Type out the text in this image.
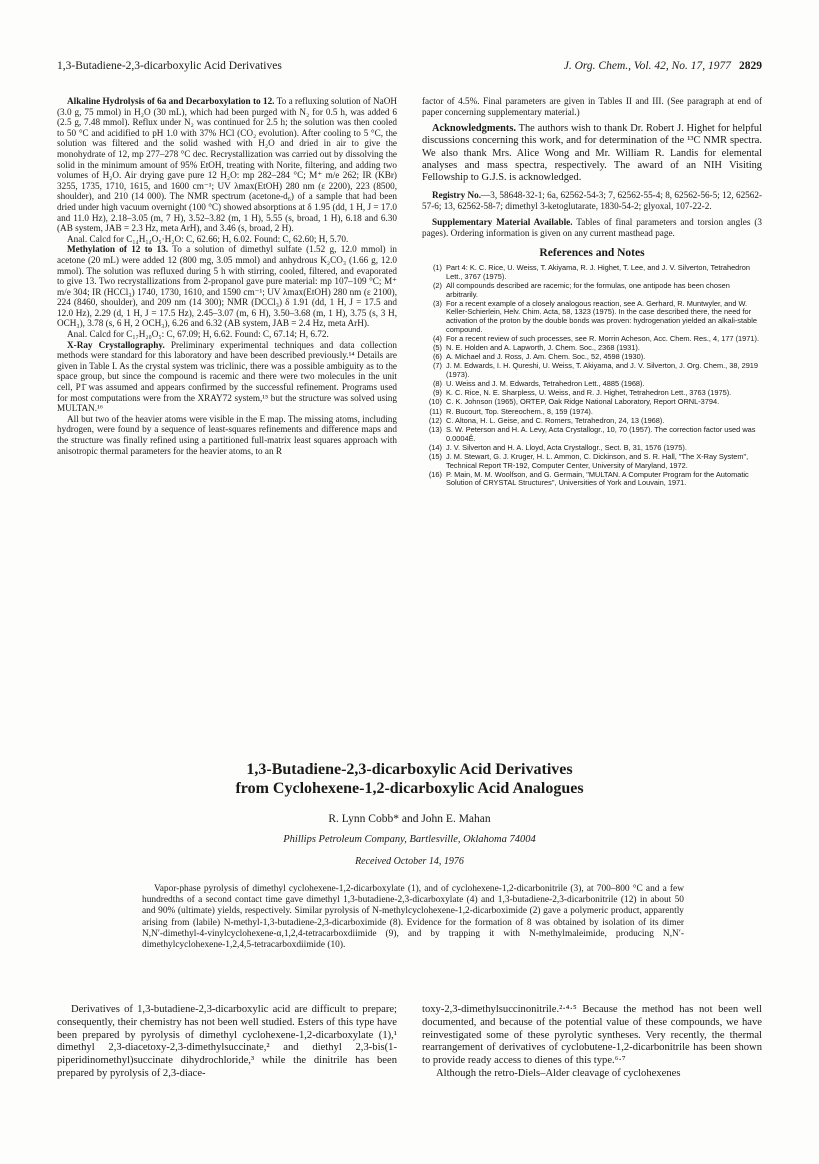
1,3-Butadiene-2,3-dicarboxylic Acid Derivatives	J. Org. Chem., Vol. 42, No. 17, 1977 2829

Alkaline Hydrolysis of 6a and Decarboxylation to 12. To a refluxing solution of NaOH (3.0 g, 75 mmol) in H₂O (30 mL), which had been purged with N₂ for 0.5 h, was added 6 (2.5 g, 7.48 mmol). Reflux under N₂ was continued for 2.5 h; the solution was then cooled to 50 °C and acidified to pH 1.0 with 37% HCl (CO₂ evolution). After cooling to 5 °C, the solution was filtered and the solid washed with H₂O and dried in air to give the monohydrate of 12, mp 277–278 °C dec. Recrystallization was carried out by dissolving the solid in the minimum amount of 95% EtOH, treating with Norite, filtering, and adding two volumes of H₂O. Air drying gave pure 12 H₂O: mp 282–284 °C; M⁺ m/e 262; IR (KBr) 3255, 1735, 1710, 1615, and 1600 cm⁻¹; UV λmax(EtOH) 280 nm (ε 2200), 223 (8500, shoulder), and 210 (14 000). The NMR spectrum (acetone-d₆) of a sample that had been dried under high vacuum overnight (100 °C) showed absorptions at δ 1.95 (dd, 1 H, J = 17.0 and 11.0 Hz), 2.18–3.05 (m, 7 H), 3.52–3.82 (m, 1 H), 5.55 (s, broad, 1 H), 6.18 and 6.30 (AB system, JAB = 2.3 Hz, meta ArH), and 3.46 (s, broad, 2 H).

Anal. Calcd for C₁₄H₁₄O₅·H₂O: C, 62.66; H, 6.02. Found: C, 62.60; H, 5.70.

Methylation of 12 to 13. To a solution of dimethyl sulfate (1.52 g, 12.0 mmol) in acetone (20 mL) were added 12 (800 mg, 3.05 mmol) and anhydrous K₂CO₃ (1.66 g, 12.0 mmol). The solution was refluxed during 5 h with stirring, cooled, filtered, and evaporated to give 13. Two recrystallizations from 2-propanol gave pure material: mp 107–109 °C; M⁺ m/e 304; IR (HCCl₃) 1740, 1730, 1610, and 1590 cm⁻¹; UV λmax(EtOH) 280 nm (ε 2100), 224 (8460, shoulder), and 209 nm (14 300); NMR (DCCl₃) δ 1.91 (dd, 1 H, J = 17.5 and 12.0 Hz), 2.29 (d, 1 H, J = 17.5 Hz), 2.45–3.07 (m, 6 H), 3.50–3.68 (m, 1 H), 3.75 (s, 3 H, OCH₃), 3.78 (s, 6 H, 2 OCH₃), 6.26 and 6.32 (AB system, JAB = 2.4 Hz, meta ArH).

Anal. Calcd for C₁₇H₂₀O₅: C, 67.09; H, 6.62. Found: C, 67.14; H, 6.72.

X-Ray Crystallography. Preliminary experimental techniques and data collection methods were standard for this laboratory and have been described previously.¹⁴ Details are given in Table I. As the crystal system was triclinic, there was a possible ambiguity as to the space group, but since the compound is racemic and there were two molecules in the unit cell, P1̄ was assumed and appears confirmed by the successful refinement. Programs used for most computations were from the XRAY72 system,¹⁵ but the structure was solved using MULTAN.¹⁶

All but two of the heavier atoms were visible in the E map. The missing atoms, including hydrogen, were found by a sequence of least-squares refinements and difference maps and the structure was finally refined using a partitioned full-matrix least squares approach with anisotropic thermal parameters for the heavier atoms, to an R

factor of 4.5%. Final parameters are given in Tables II and III. (See paragraph at end of paper concerning supplementary material.)

Acknowledgments. The authors wish to thank Dr. Robert J. Highet for helpful discussions concerning this work, and for determination of the ¹³C NMR spectra. We also thank Mrs. Alice Wong and Mr. William R. Landis for elemental analyses and mass spectra, respectively. The award of an NIH Visiting Fellowship to G.J.S. is acknowledged.

Registry No.—3, 58648-32-1; 6a, 62562-54-3; 7, 62562-55-4; 8, 62562-56-5; 12, 62562-57-6; 13, 62562-58-7; dimethyl 3-ketoglutarate, 1830-54-2; glyoxal, 107-22-2.

Supplementary Material Available. Tables of final parameters and torsion angles (3 pages). Ordering information is given on any current masthead page.

References and Notes
(1) Part 4: K. C. Rice, U. Weiss, T. Akiyama, R. J. Highet, T. Lee, and J. V. Silverton, Tetrahedron Lett., 3767 (1975).
(2) All compounds described are racemic; for the formulas, one antipode has been chosen arbitrarily.
(3) For a recent example of a closely analogous reaction, see A. Gerhard, R. Muntwyler, and W. Keller-Schierlein, Helv. Chim. Acta, 58, 1323 (1975). In the case described there, the need for activation of the proton by the double bonds was proven: hydrogenation yielded an alkali-stable compound.
(4) For a recent review of such processes, see R. Morrin Acheson, Acc. Chem. Res., 4, 177 (1971).
(5) N. E. Holden and A. Lapworth, J. Chem. Soc., 2368 (1931).
(6) A. Michael and J. Ross, J. Am. Chem. Soc., 52, 4598 (1930).
(7) J. M. Edwards, I. H. Qureshi, U. Weiss, T. Akiyama, and J. V. Silverton, J. Org. Chem., 38, 2919 (1973).
(8) U. Weiss and J. M. Edwards, Tetrahedron Lett., 4885 (1968).
(9) K. C. Rice, N. E. Sharpless, U. Weiss, and R. J. Highet, Tetrahedron Lett., 3763 (1975).
(10) C. K. Johnson (1965), ORTEP, Oak Ridge National Laboratory, Report ORNL-3794.
(11) R. Bucourt, Top. Stereochem., 8, 159 (1974).
(12) C. Altona, H. L. Geise, and C. Romers, Tetrahedron, 24, 13 (1968).
(13) S. W. Peterson and H. A. Levy, Acta Crystallogr., 10, 70 (1957). The correction factor used was 0.0004Ê.
(14) J. V. Silverton and H. A. Lloyd, Acta Crystallogr., Sect. B, 31, 1576 (1975).
(15) J. M. Stewart, G. J. Kruger, H. L. Ammon, C. Dickinson, and S. R. Hall, "The X-Ray System", Technical Report TR-192, Computer Center, University of Maryland, 1972.
(16) P. Main, M. M. Woolfson, and G. Germain, "MULTAN. A Computer Program for the Automatic Solution of CRYSTAL Structures", Universities of York and Louvain, 1971.
1,3-Butadiene-2,3-dicarboxylic Acid Derivatives
from Cyclohexene-1,2-dicarboxylic Acid Analogues
R. Lynn Cobb* and John E. Mahan
Phillips Petroleum Company, Bartlesville, Oklahoma 74004
Received October 14, 1976

Vapor-phase pyrolysis of dimethyl cyclohexene-1,2-dicarboxylate (1), and of cyclohexene-1,2-dicarbonitrile (3), at 700–800 °C and a few hundredths of a second contact time gave dimethyl 1,3-butadiene-2,3-dicarboxylate (4) and 1,3-butadiene-2,3-dicarbonitrile (12) in about 50 and 90% (ultimate) yields, respectively. Similar pyrolysis of N-methylcyclohexene-1,2-dicarboximide (2) gave a polymeric product, apparently arising from (labile) N-methyl-1,3-butadiene-2,3-dicarboximide (8). Evidence for the formation of 8 was obtained by isolation of its dimer N,N′-dimethyl-4-vinylcyclohexene-α,1,2,4-tetracarboxdiimide (9), and by trapping it with N-methylmaleimide, producing N,N′-dimethylcyclohexene-1,2,4,5-tetracarboxdiimide (10).

Derivatives of 1,3-butadiene-2,3-dicarboxylic acid are difficult to prepare; consequently, their chemistry has not been well studied. Esters of this type have been prepared by pyrolysis of dimethyl cyclohexene-1,2-dicarboxylate (1),¹ dimethyl 2,3-diacetoxy-2,3-dimethylsuccinate,² and diethyl 2,3-bis(1-piperidinomethyl)succinate dihydrochloride,³ while the dinitrile has been prepared by pyrolysis of 2,3-diace-

toxy-2,3-dimethylsuccinonitrile.²·⁴·⁵ Because the method has not been well documented, and because of the potential value of these compounds, we have reinvestigated some of these pyrolytic syntheses. Very recently, the thermal rearrangement of derivatives of cyclobutene-1,2-dicarbonitrile has been shown to provide ready access to dienes of this type.⁶·⁷

Although the retro-Diels–Alder cleavage of cyclohexenes
